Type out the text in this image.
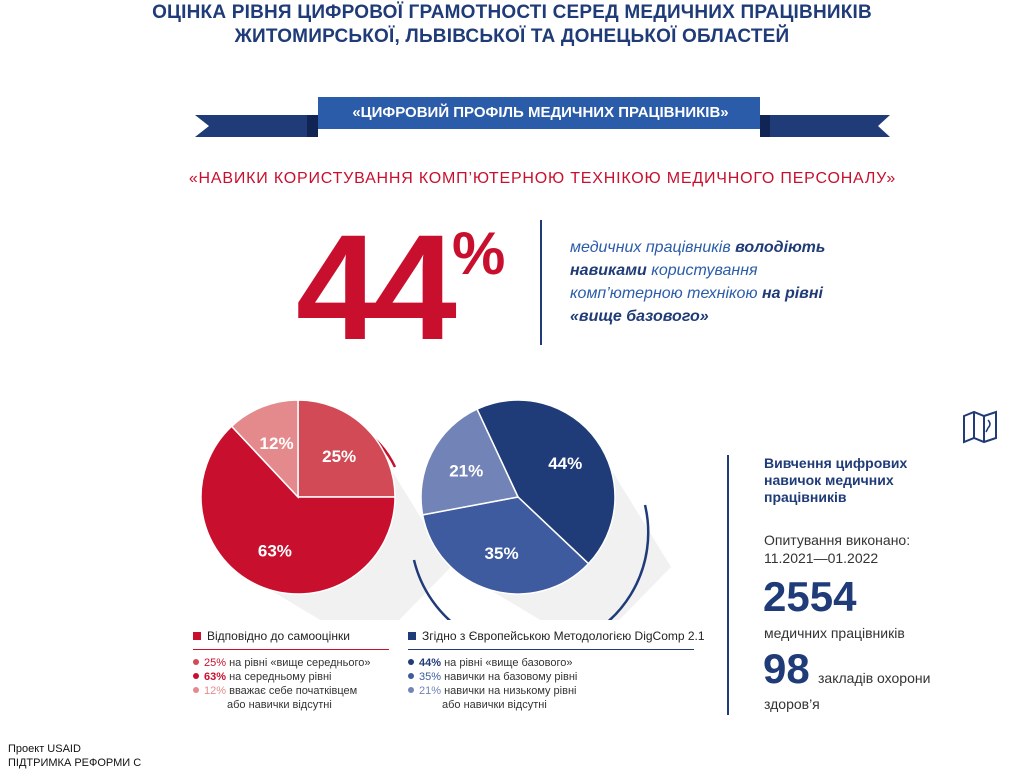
ОЦІНКА РІВНЯ ЦИФРОВОЇ ГРАМОТНОСТІ СЕРЕД МЕДИЧНИХ ПРАЦІВНИКІВ
ЖИТОМИРСЬКОЇ, ЛЬВІВСЬКОЇ ТА ДОНЕЦЬКОЇ ОБЛАСТЕЙ
«ЦИФРОВИЙ ПРОФІЛЬ МЕДИЧНИХ ПРАЦІВНИКІВ»
«НАВИКИ КОРИСТУВАННЯ КОМП’ЮТЕРНОЮ ТЕХНІКОЮ МЕДИЧНОГО ПЕРСОНАЛУ»
44 %	медичних працівників володіють навиками користування комп’ютерною технікою на рівні «вище базового»
25%
63%
12%
44%
35%
21%
Відповідно до самооцінки
25% на рівні «вище середнього»
63% на середньому рівні
12% вважає себе початківцем
або навички відсутні
Згідно з Європейською Методологією DigComp 2.1
44% на рівні «вище базового»
35% навички на базовому рівні
21% навички на низькому рівні
або навички відсутні
Вивчення цифрових навичок медичних працівників
Опитування виконано:
11.2021—01.2022
2554
медичних працівників
98 закладів охорони
здоров’я
Проект USAID
ПІДТРИМКА РЕФОРМИ С
